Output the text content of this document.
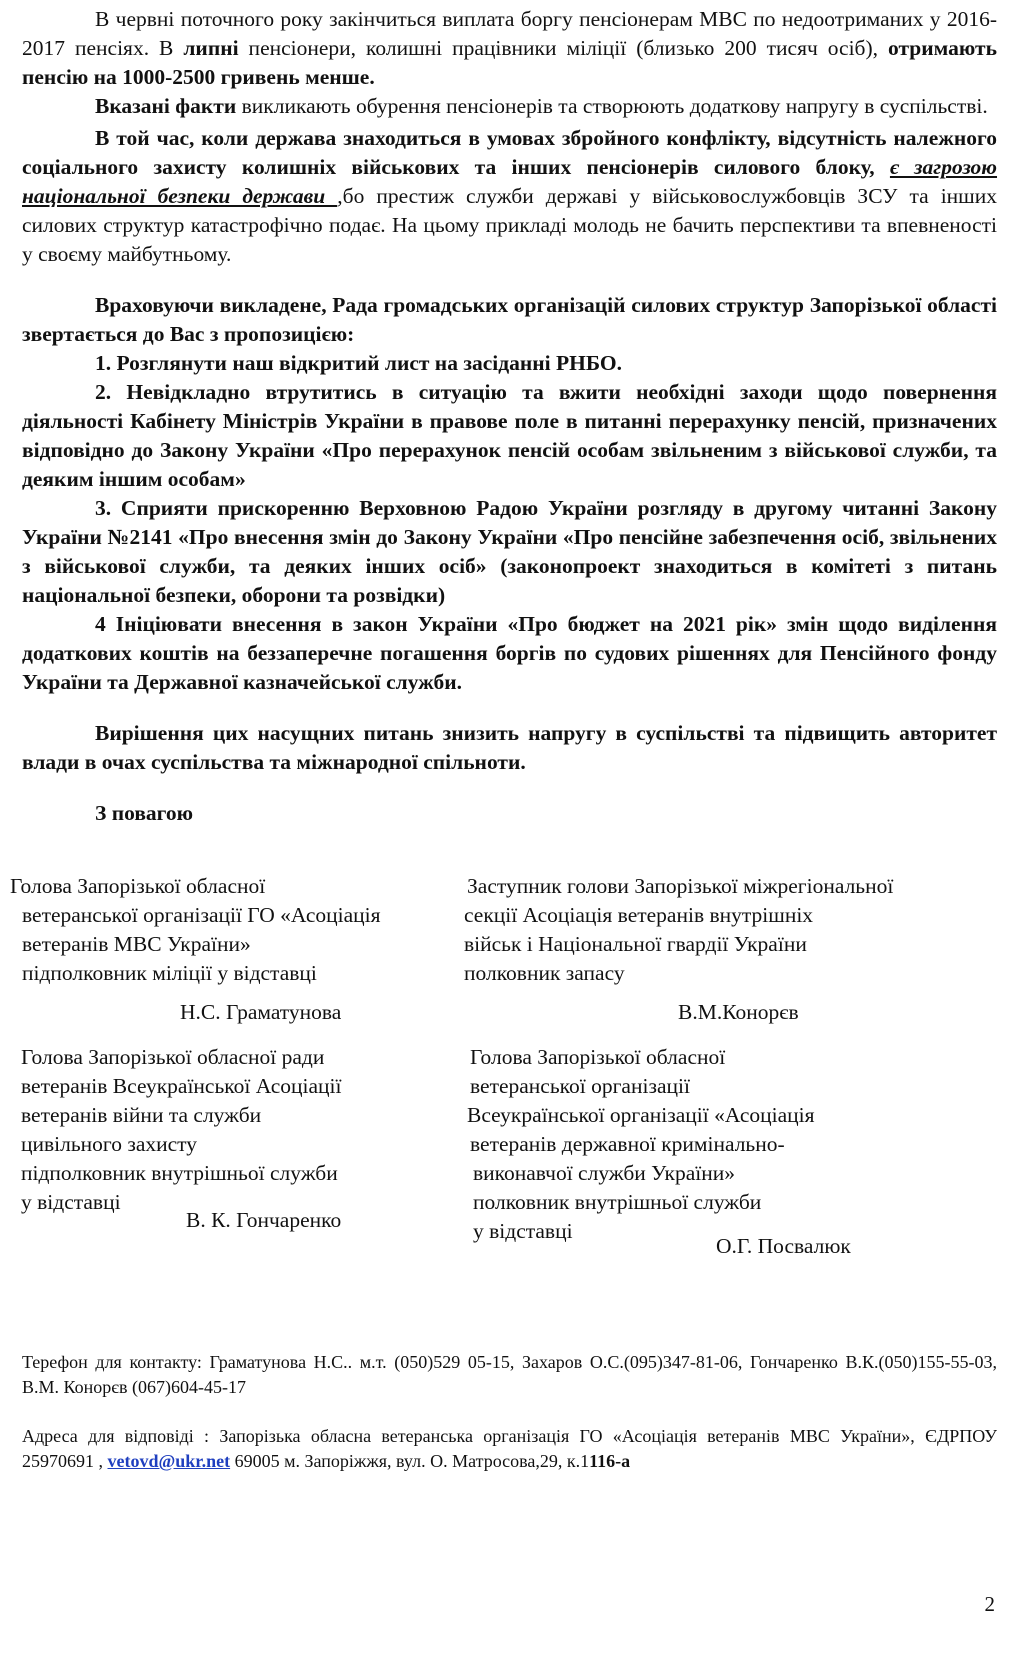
В червні поточного року закінчиться виплата боргу пенсіонерам МВС по недоотриманих у 2016-2017 пенсіях. В липні пенсіонери, колишні працівники міліції (близько 200 тисяч осіб), отримають пенсію на 1000-2500 гривень менше.

Вказані факти викликають обурення пенсіонерів та створюють додаткову напругу в суспільстві.

В той час, коли держава знаходиться в умовах збройного конфлікту, відсутність належного соціального захисту колишніх військових та інших пенсіонерів силового блоку, є загрозою національної безпеки держави ,бо престиж служби державі у військовослужбовців ЗСУ та інших силових структур катастрофічно подає. На цьому прикладі молодь не бачить перспективи та впевненості у своєму майбутньому.

Враховуючи викладене, Рада громадських організацій силових структур Запорізької області звертається до Вас з пропозицією:

1. Розглянути наш відкритий лист на засіданні РНБО.

2. Невідкладно втрутитись в ситуацію та вжити необхідні заходи щодо повернення діяльності Кабінету Міністрів України в правове поле в питанні перерахунку пенсій, призначених відповідно до Закону України «Про перерахунок пенсій особам звільненим з військової служби, та деяким іншим особам»

3. Сприяти прискоренню Верховною Радою України розгляду в другому читанні Закону України №2141 «Про внесення змін до Закону України «Про пенсійне забезпечення осіб, звільнених з військової служби, та деяких інших осіб» (законопроект знаходиться в комітеті з питань національної безпеки, оборони та розвідки)

4 Ініціювати внесення в закон України «Про бюджет на 2021 рік» змін щодо виділення додаткових коштів на беззаперечне погашення боргів по судових рішеннях для Пенсійного фонду України та Державної казначейської служби.

Вирішення цих насущних питань знизить напругу в суспільстві та підвищить авторитет влади в очах суспільства та міжнародної спільноти.

З повагою

Голова Запорізької обласної
ветеранської організації ГО «Асоціація
ветеранів МВС України»
підполковник міліції у відставці
Н.С. Граматунова
Заступник голови Запорізької міжрегіональної
секції Асоціація ветеранів внутрішніх
військ і Національної гвардії України
полковник запасу
В.М.Конорєв
Голова Запорізької обласної ради
ветеранів Всеукраїнської Асоціації
ветеранів війни та служби
цивільного захисту
підполковник внутрішньої служби
у відставці
В. К. Гончаренко
Голова Запорізької обласної
ветеранської організації
Всеукраїнської організації «Асоціація
ветеранів державної кримінально-
виконавчої служби України»
полковник внутрішньої служби
у відставці
О.Г. Посвалюк
Терефон для контакту: Граматунова Н.С.. м.т. (050)529 05-15, Захаров О.С.(095)347-81-06, Гончаренко В.К.(050)155-55-03, В.М. Конорєв (067)604-45-17
Адреса для відповіді : Запорізька обласна ветеранська організація ГО «Асоціація ветеранів МВС України», ЄДРПОУ 25970691 , vetovd@ukr.net 69005 м. Запоріжжя, вул. О. Матросова,29, к.1116-а
2
